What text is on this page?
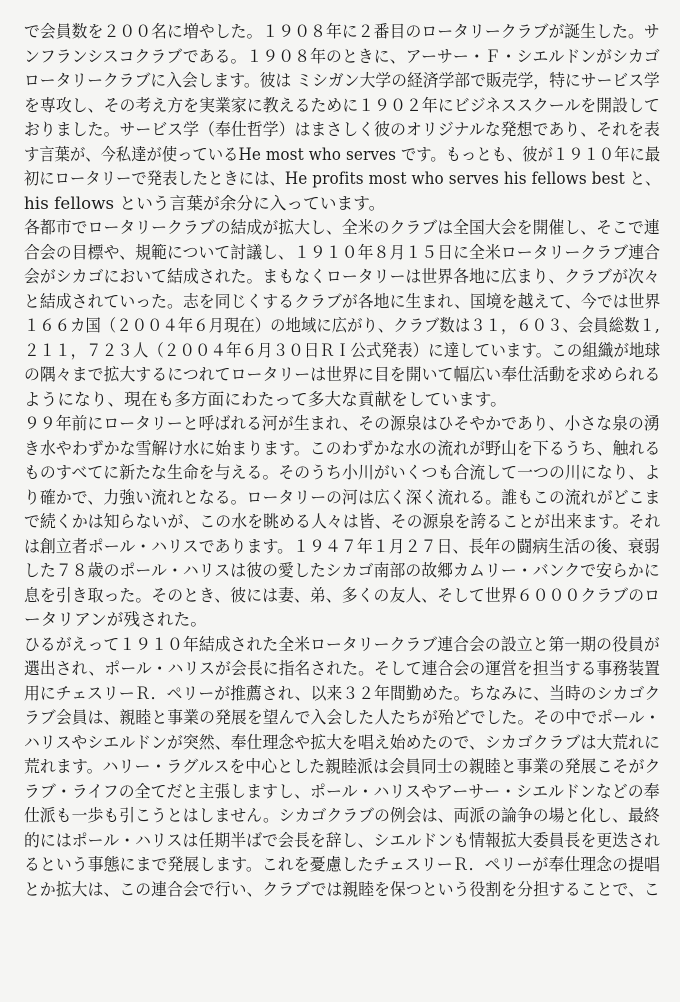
で会員数を２００名に増やした。１９０８年に２番目のロータリークラブが誕生した。サ
ンフランシスコクラブである。１９０８年のときに、アーサー・Ｆ・シエルドンがシカゴ
ロータリークラブに入会します。彼は ミシガン大学の経済学部で販売学，特にサービス学
を専攻し、その考え方を実業家に教えるために１９０２年にビジネススクールを開設して
おりました。サービス学（奉仕哲学）はまさしく彼のオリジナルな発想であり、それを表
す言葉が、今私達が使っているHe most who serves です。もっとも、彼が１９１０年に最
初にロータリーで発表したときには、He profits most who serves his fellows best と、
his fellows という言葉が余分に入っています。
各都市でロータリークラブの結成が拡大し、全米のクラブは全国大会を開催し、そこで連
合会の目標や、規範について討議し、１９１０年８月１５日に全米ロータリークラブ連合
会がシカゴにおいて結成された。まもなくロータリーは世界各地に広まり、クラブが次々
と結成されていった。志を同じくするクラブが各地に生まれ、国境を越えて、今では世界
１６６カ国（２００４年６月現在）の地域に広がり、クラブ数は３１，６０３、会員総数１,
２１１，７２３人（２００４年６月３０日ＲＩ公式発表）に達しています。この組織が地球
の隅々まで拡大するにつれてロータリーは世界に目を開いて幅広い奉仕活動を求められる
ようになり、現在も多方面にわたって多大な貢献をしています。
９９年前にロータリーと呼ばれる河が生まれ、その源泉はひそやかであり、小さな泉の湧
き水やわずかな雪解け水に始まります。このわずかな水の流れが野山を下るうち、触れる
ものすべてに新たな生命を与える。そのうち小川がいくつも合流して一つの川になり、よ
り確かで、力強い流れとなる。ロータリーの河は広く深く流れる。誰もこの流れがどこま
で続くかは知らないが、この水を眺める人々は皆、その源泉を誇ることが出来ます。それ
は創立者ポール・ハリスであります。１９４７年１月２７日、長年の闘病生活の後、衰弱
した７８歳のポール・ハリスは彼の愛したシカゴ南部の故郷カムリー・バンクで安らかに
息を引き取った。そのとき、彼には妻、弟、多くの友人、そして世界６０００クラブのロ
ータリアンが残された。
ひるがえって１９１０年結成された全米ロータリークラブ連合会の設立と第一期の役員が
選出され、ポール・ハリスが会長に指名された。そして連合会の運営を担当する事務装置
用にチェスリーＲ．ペリーが推薦され、以来３２年間勤めた。ちなみに、当時のシカゴク
ラブ会員は、親睦と事業の発展を望んで入会した人たちが殆どでした。その中でポール・
ハリスやシエルドンが突然、奉仕理念や拡大を唱え始めたので、シカゴクラブは大荒れに
荒れます。ハリー・ラグルスを中心とした親睦派は会員同士の親睦と事業の発展こそがク
ラブ・ライフの全てだと主張しますし、ポール・ハリスやアーサー・シエルドンなどの奉
仕派も一歩も引こうとはしません。シカゴクラブの例会は、両派の論争の場と化し、最終
的にはポール・ハリスは任期半ばで会長を辞し、シエルドンも情報拡大委員長を更迭され
るという事態にまで発展します。これを憂慮したチェスリーＲ．ペリーが奉仕理念の提唱
とか拡大は、この連合会で行い、クラブでは親睦を保つという役割を分担することで、こ
